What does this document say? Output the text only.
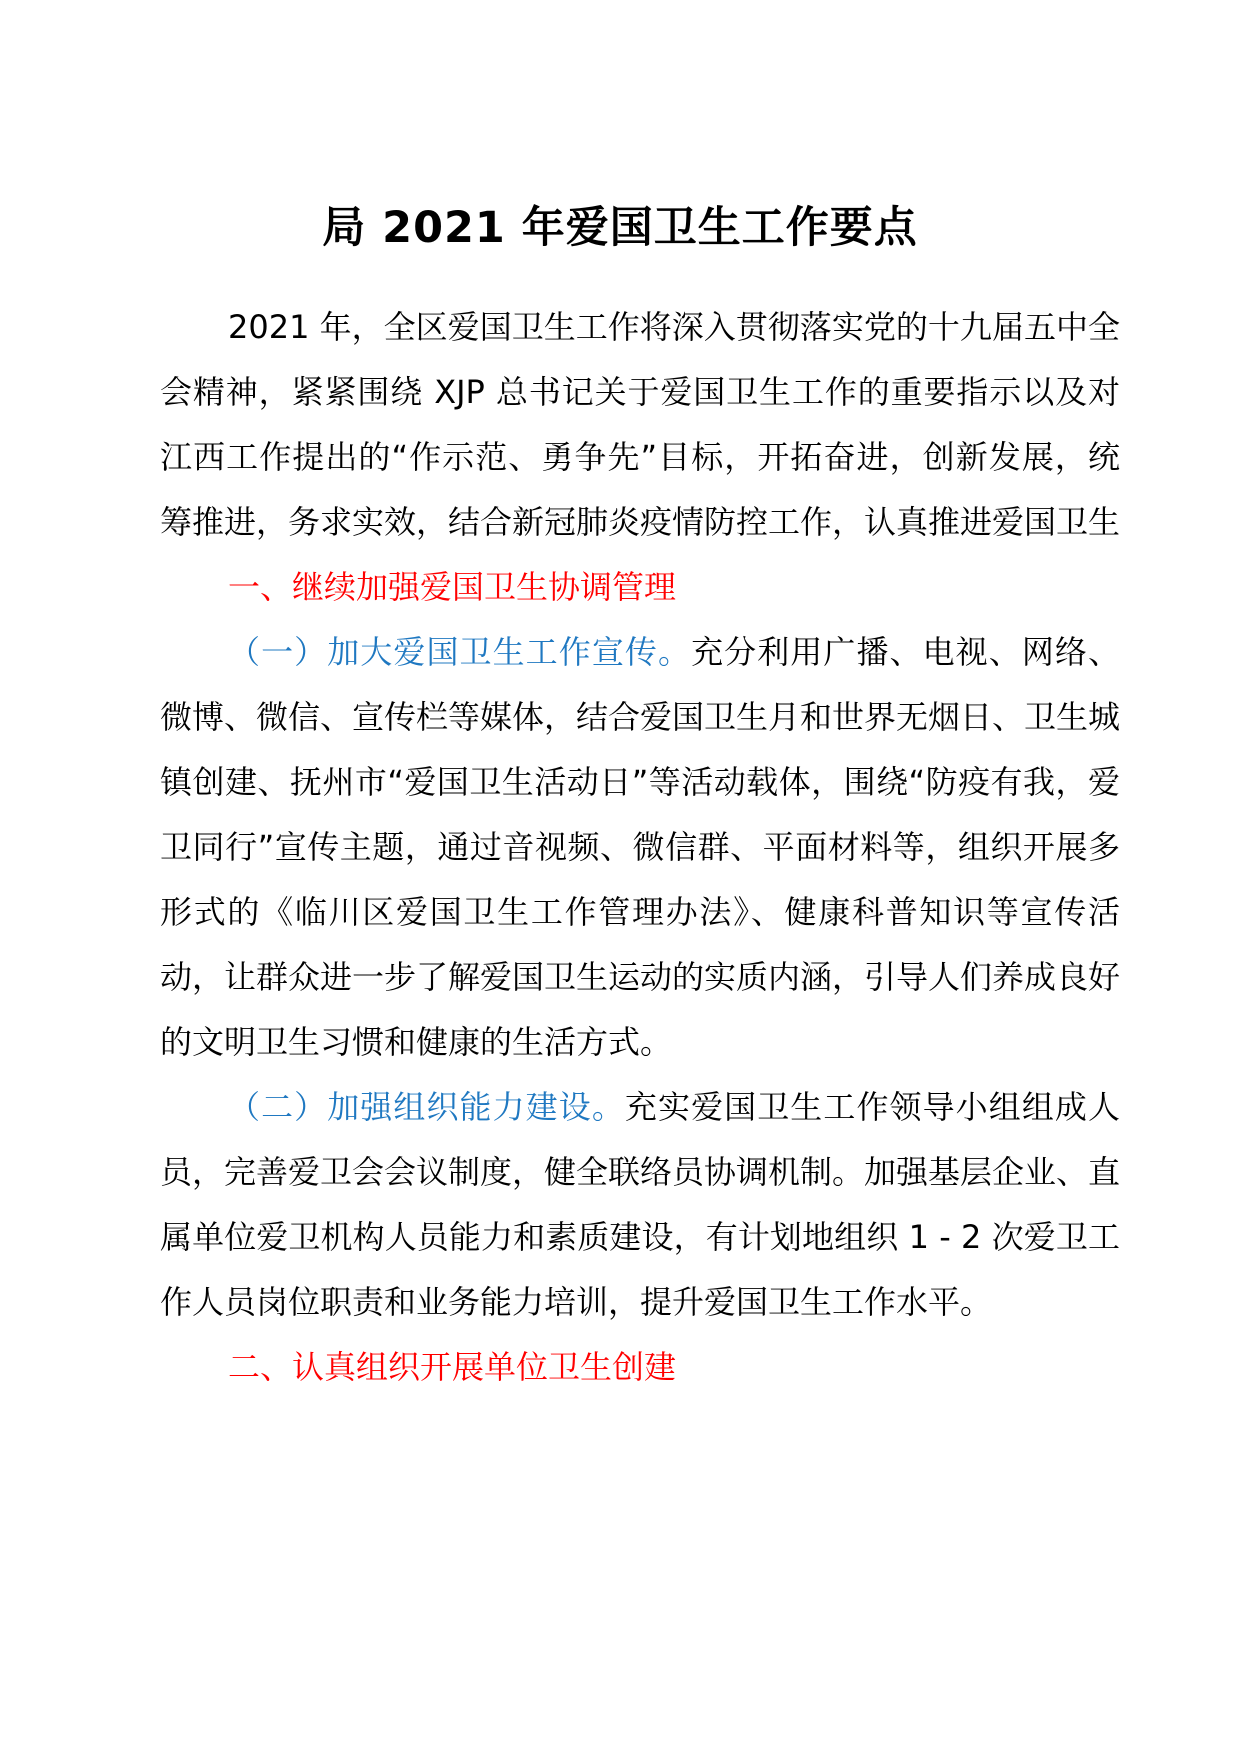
局 2021 年爱国卫生工作要点

2021 年，全区爱国卫生工作将深入贯彻落实党的十九届五中全会精神，紧紧围绕 XJP 总书记关于爱国卫生工作的重要指示以及对江西工作提出的“作示范、勇争先”目标，开拓奋进，创新发展，统筹推进，务求实效，结合新冠肺炎疫情防控工作，认真推进爱国卫生

一、继续加强爱国卫生协调管理

（一）加大爱国卫生工作宣传。充分利用广播、电视、网络、微博、微信、宣传栏等媒体，结合爱国卫生月和世界无烟日、卫生城镇创建、抚州市“爱国卫生活动日”等活动载体，围绕“防疫有我，爱卫同行”宣传主题，通过音视频、微信群、平面材料等，组织开展多形式的《临川区爱国卫生工作管理办法》、健康科普知识等宣传活动，让群众进一步了解爱国卫生运动的实质内涵，引导人们养成良好的文明卫生习惯和健康的生活方式。

（二）加强组织能力建设。充实爱国卫生工作领导小组组成人员，完善爱卫会会议制度，健全联络员协调机制。加强基层企业、直属单位爱卫机构人员能力和素质建设，有计划地组织 1 - 2 次爱卫工作人员岗位职责和业务能力培训，提升爱国卫生工作水平。

二、认真组织开展单位卫生创建
